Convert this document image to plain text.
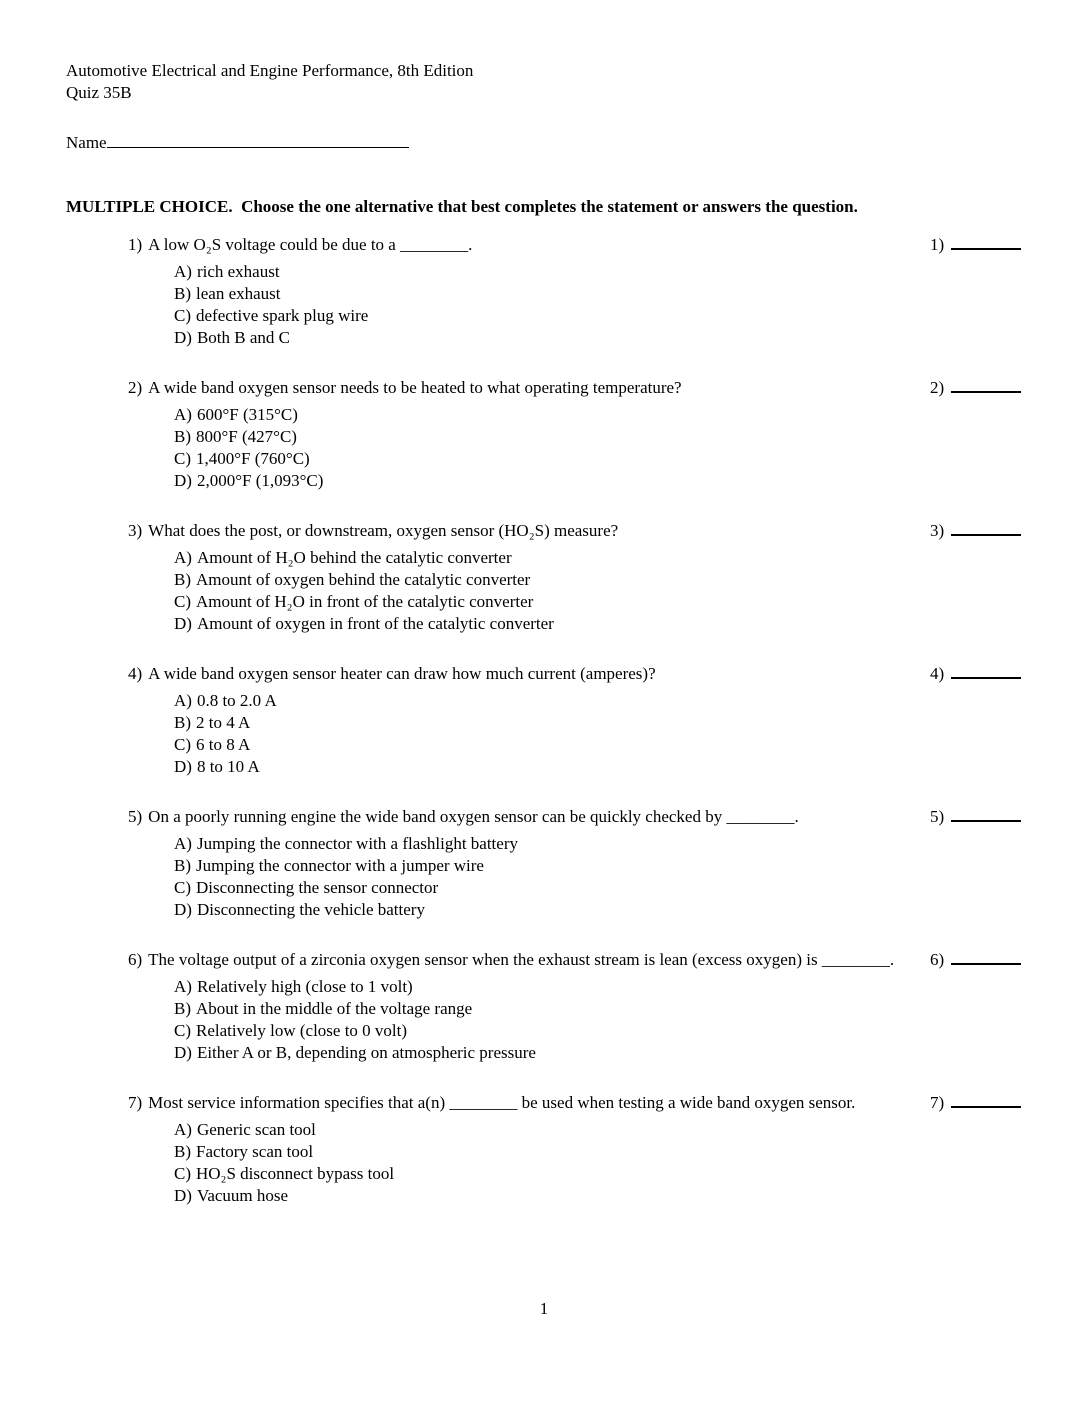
Automotive Electrical and Engine Performance, 8th Edition
Quiz 35B
Name
MULTIPLE CHOICE.  Choose the one alternative that best completes the statement or answers the question.
1) A low O₂S voltage could be due to a ________.
A) rich exhaust
B) lean exhaust
C) defective spark plug wire
D) Both B and C
1)
2) A wide band oxygen sensor needs to be heated to what operating temperature?
A) 600°F (315°C)
B) 800°F (427°C)
C) 1,400°F (760°C)
D) 2,000°F (1,093°C)
2)
3) What does the post, or downstream, oxygen sensor (HO₂S) measure?
A) Amount of H₂O behind the catalytic converter
B) Amount of oxygen behind the catalytic converter
C) Amount of H₂O in front of the catalytic converter
D) Amount of oxygen in front of the catalytic converter
3)
4) A wide band oxygen sensor heater can draw how much current (amperes)?
A) 0.8 to 2.0 A
B) 2 to 4 A
C) 6 to 8 A
D) 8 to 10 A
4)
5) On a poorly running engine the wide band oxygen sensor can be quickly checked by ________.
A) Jumping the connector with a flashlight battery
B) Jumping the connector with a jumper wire
C) Disconnecting the sensor connector
D) Disconnecting the vehicle battery
5)
6) The voltage output of a zirconia oxygen sensor when the exhaust stream is lean (excess oxygen) is ________.
A) Relatively high (close to 1 volt)
B) About in the middle of the voltage range
C) Relatively low (close to 0 volt)
D) Either A or B, depending on atmospheric pressure
6)
7) Most service information specifies that a(n) ________ be used when testing a wide band oxygen sensor.
A) Generic scan tool
B) Factory scan tool
C) HO₂S disconnect bypass tool
D) Vacuum hose
7)
1
